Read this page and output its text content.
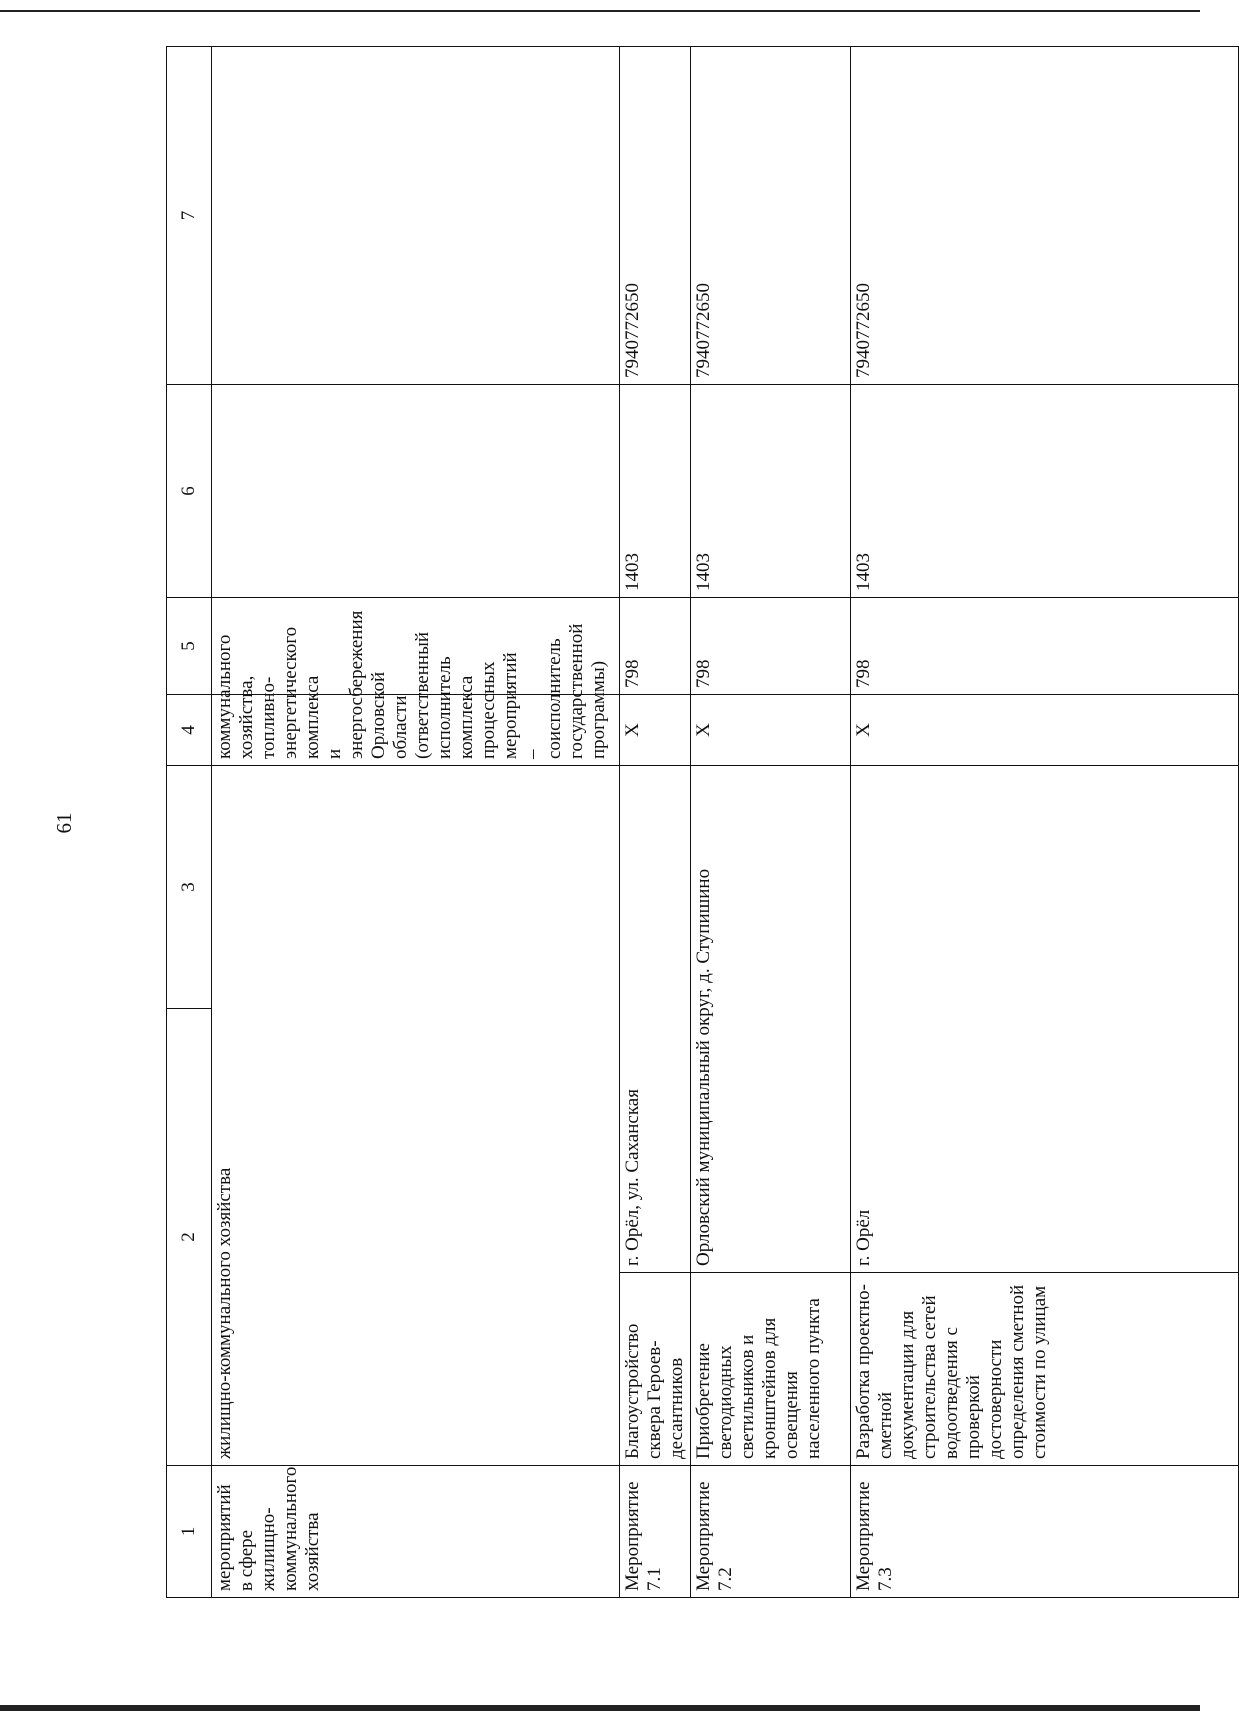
61
1	2		3	4	5	6	7	
мероприятий в сфере жилищно-коммунального хозяйства	жилищно-коммунального хозяйства			коммунального хозяйства, топливно-энергетического комплекса и энергосбережения Орловской области (ответственный исполнитель комплекса процессных мероприятий – соисполнитель государственной программы)				
Мероприятие 7.1	Благоустройство сквера Героев-десантников	г. Орёл, ул. Саханская		Х	798	1403	7940772650	
Мероприятие 7.2	Приобретение светодиодных светильников и кронштейнов для освещения населенного пункта	Орловский муниципальный округ, д. Ступишино		Х	798	1403	7940772650	
Мероприятие 7.3	Разработка проектно-сметной документации для строительства сетей водоотведения с проверкой достоверности определения сметной стоимости по улицам	г. Орёл		Х	798	1403	7940772650	
